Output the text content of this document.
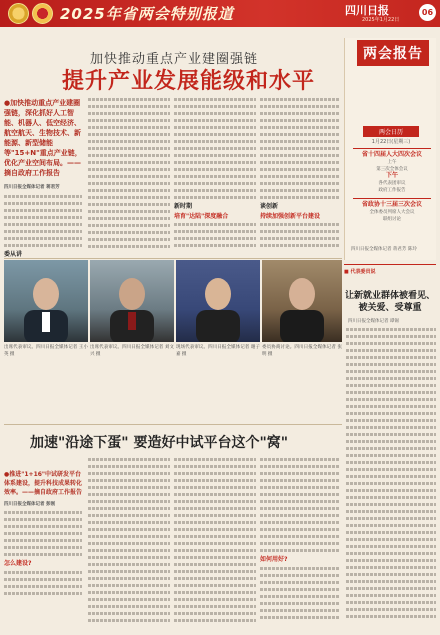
2025年省两会特别报道	四川日报
2025年1月22日
06
加快推动重点产业建圈强链
提升产业发展能级和水平
●加快推动重点产业建圈强链，深化抓好人工智能、机器人、低空经济、航空航天、生物技术、新能源、新型储能等"15+N"重点产业链，优化产业空间布局。——摘自政府工作报告
四川日报全媒体记者 蒋君芳
委从讲
新时期
培育"达陆"深度融合
谈创新
持续加强创新平台建设
两会报告
两会日历
1月22日(星期三)
省十四届人大四次会议
上午
第三次全体会议
下午
各代表团审议
政府工作报告
省政协十三届三次会议
全体委员列席人大会议
联组讨论
四川日报全媒体记者 蒋君芳 陈玲
出席代表审议。四川日报全媒体记者 王小英 摄
出席代表审议。四川日报全媒体记者 刘文兴 摄
现场代表审议。四川日报全媒体记者 谢子嘉 摄
委员协商讨论。四川日报全媒体记者 张明 摄
■ 代表委员说
让新就业群体被看见、被关爱、受尊重
四川日报全媒体记者 谭锡
加速"沿途下蛋" 要造好中试平台这个"窝"
●推进"1+16"中试研发平台体系建设，提升科技成果转化效率。——摘自政府工作报告
四川日报全媒体记者 彭刚
怎么建设?
如何用好?
